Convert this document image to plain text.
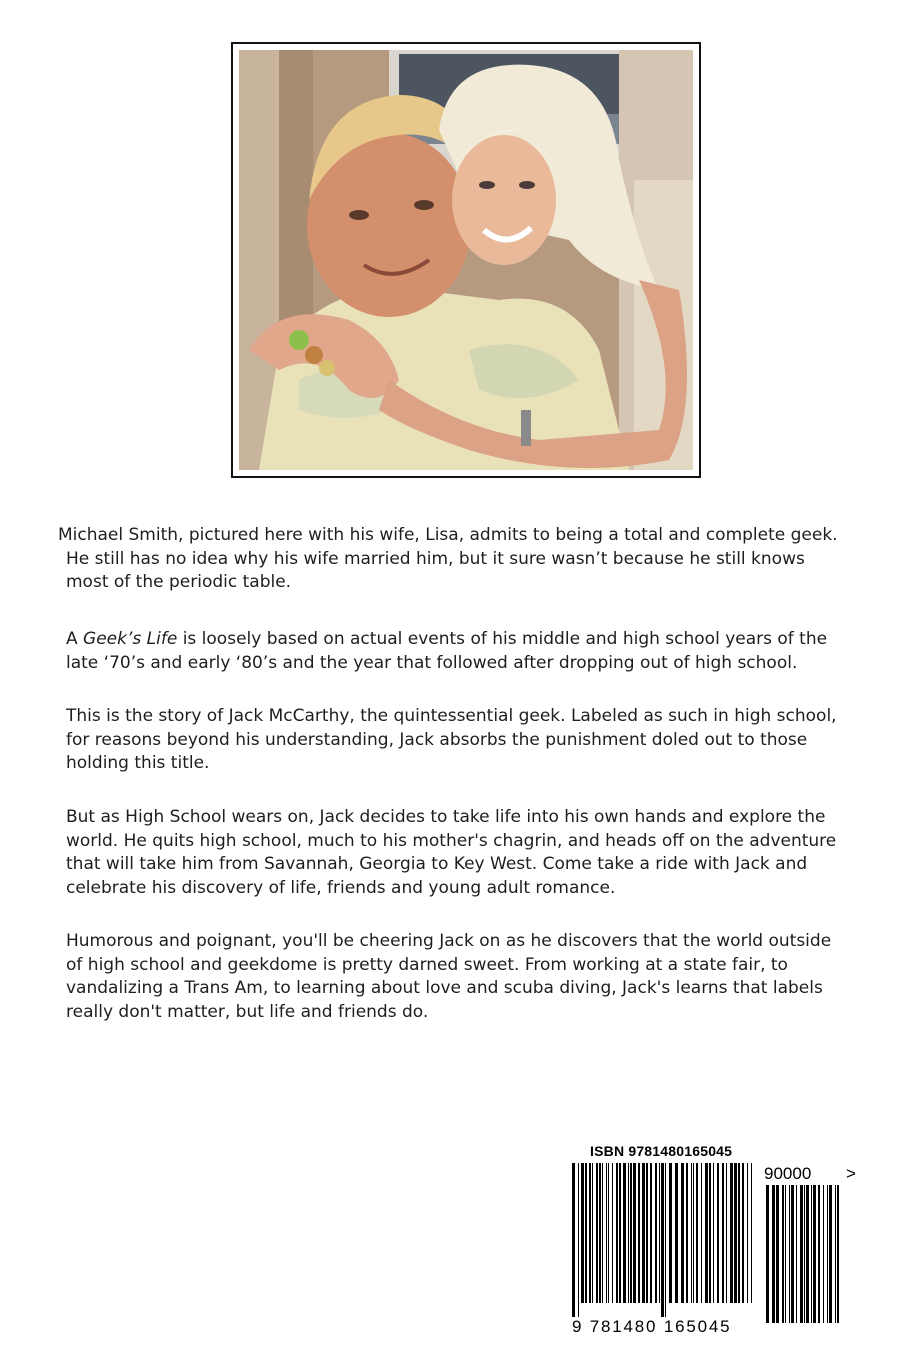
Michael Smith, pictured here with his wife, Lisa, admits to being a total and complete geek.
He still has no idea why his wife married him, but it sure wasn’t because he still knows
most of the periodic table.

A Geek’s Life is loosely based on actual events of his middle and high school years of the
late ‘70’s and early ‘80’s and the year that followed after dropping out of high school.

This is the story of Jack McCarthy, the quintessential geek. Labeled as such in high school,
for reasons beyond his understanding, Jack absorbs the punishment doled out to those
holding this title.

But as High School wears on, Jack decides to take life into his own hands and explore the
world. He quits high school, much to his mother's chagrin, and heads off on the adventure
that will take him from Savannah, Georgia to Key West. Come take a ride with Jack and
celebrate his discovery of life, friends and young adult romance.

Humorous and poignant, you'll be cheering Jack on as he discovers that the world outside
of high school and geekdome is pretty darned sweet. From working at a state fair, to
vandalizing a Trans Am, to learning about love and scuba diving, Jack's learns that labels
really don't matter, but life and friends do.

ISBN 9781480165045
9 781480 165045
90000 >
